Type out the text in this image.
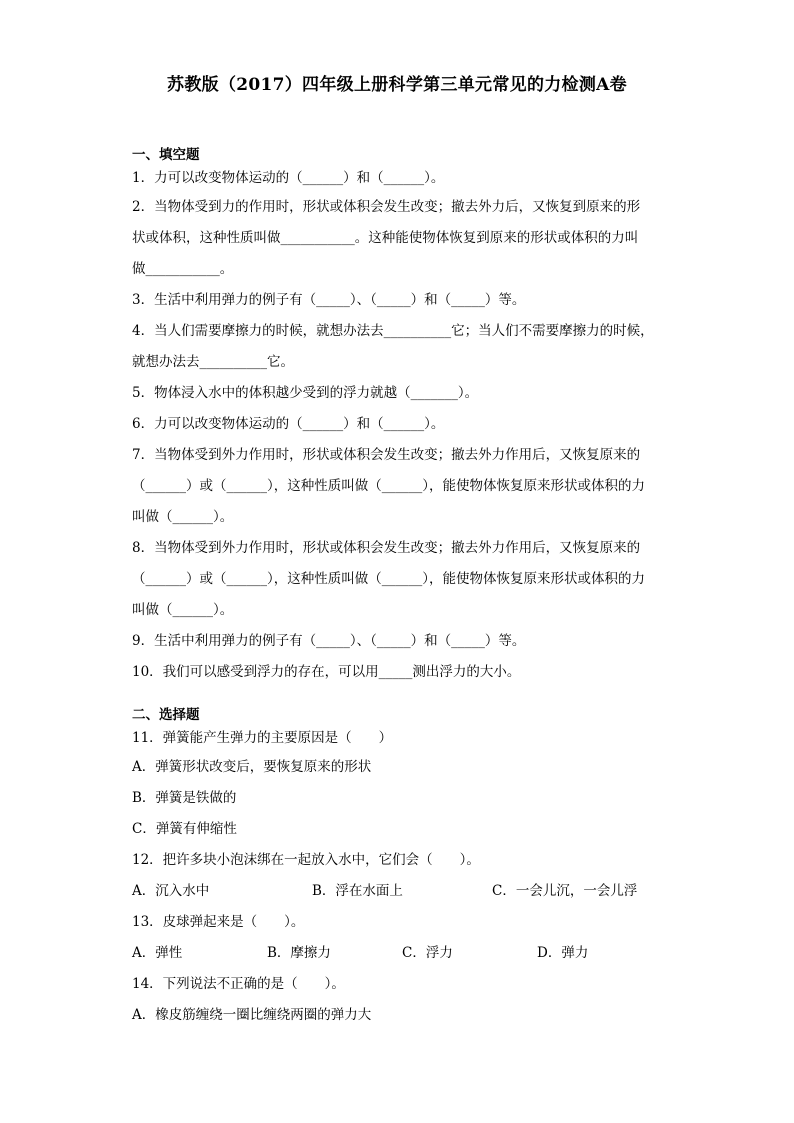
苏教版（2017）四年级上册科学第三单元常见的力检测A卷
一、填空题
1．力可以改变物体运动的（______）和（______）。
2．当物体受到力的作用时，形状或体积会发生改变；撤去外力后，又恢复到原来的形
状或体积，这种性质叫做___________。这种能使物体恢复到原来的形状或体积的力叫
做___________。
3．生活中利用弹力的例子有（_____）、（_____）和（_____）等。
4．当人们需要摩擦力的时候，就想办法去__________它；当人们不需要摩擦力的时候，
就想办法去__________它。
5．物体浸入水中的体积越少受到的浮力就越（_______）。
6．力可以改变物体运动的（______）和（______）。
7．当物体受到外力作用时，形状或体积会发生改变；撤去外力作用后，又恢复原来的
（______）或（______），这种性质叫做（______），能使物体恢复原来形状或体积的力
叫做（______）。
8．当物体受到外力作用时，形状或体积会发生改变；撤去外力作用后，又恢复原来的
（______）或（______），这种性质叫做（______），能使物体恢复原来形状或体积的力
叫做（______）。
9．生活中利用弹力的例子有（_____）、（_____）和（_____）等。
10．我们可以感受到浮力的存在，可以用_____测出浮力的大小。
二、选择题
11．弹簧能产生弹力的主要原因是（　　）
A．弹簧形状改变后，要恢复原来的形状
B．弹簧是铁做的
C．弹簧有伸缩性
12．把许多块小泡沫绑在一起放入水中，它们会（　　）。
A．沉入水中	B．浮在水面上	C．一会儿沉，一会儿浮
13．皮球弹起来是（　　）。
A．弹性	B．摩擦力	C．浮力	D．弹力
14．下列说法不正确的是（　　）。
A．橡皮筋缠绕一圈比缠绕两圈的弹力大
